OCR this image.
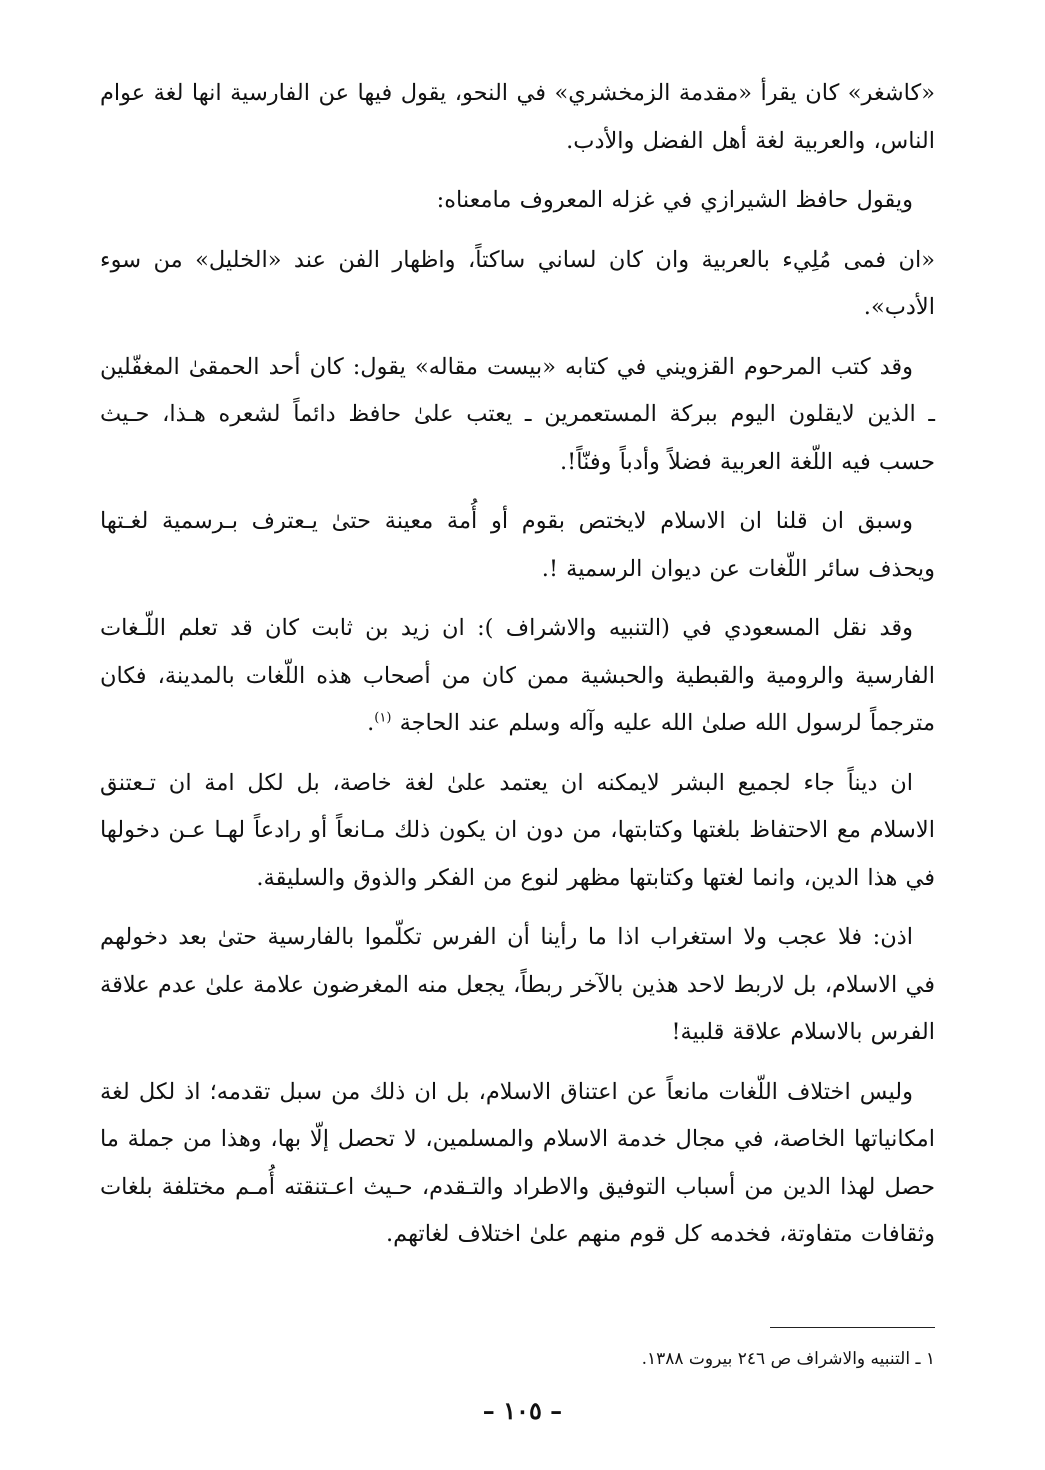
«كاشغر» كان يقرأ «مقدمة الزمخشري» في النحو، يقول فيها عن الفارسية انها لغة عوام الناس، والعربية لغة أهل الفضل والأدب.

ويقول حافظ الشيرازي في غزله المعروف مامعناه:

«ان فمى مُلِيء بالعربية وان كان لساني ساكتاً، واظهار الفن عند «الخليل» من سوء الأدب».

وقد كتب المرحوم القزويني في كتابه «بيست مقاله» يقول: كان أحد الحمقىٰ المغفّلين ـ الذين لايقلون اليوم ببركة المستعمرين ـ يعتب علىٰ حافظ دائماً لشعره هـذا، حـيث حسب فيه اللّغة العربية فضلاً وأدباً وفنّاً!.

وسبق ان قلنا ان الاسلام لايختص بقوم أو أُمة معينة حتىٰ يـعترف بـرسمية لغـتها ويحذف سائر اللّغات عن ديوان الرسمية !.

وقد نقل المسعودي في (التنبيه والاشراف ): ان زيد بن ثابت كان قد تعلم اللّـغات الفارسية والرومية والقبطية والحبشية ممن كان من أصحاب هذه اللّغات بالمدينة، فكان مترجماً لرسول الله صلىٰ الله عليه وآله وسلم عند الحاجة $^{(١)}$.

ان ديناً جاء لجميع البشر لايمكنه ان يعتمد علىٰ لغة خاصة، بل لكل امة ان تـعتنق الاسلام مع الاحتفاظ بلغتها وكتابتها، من دون ان يكون ذلك مـانعاً أو رادعاً لهـا عـن دخولها في هذا الدين، وانما لغتها وكتابتها مظهر لنوع من الفكر والذوق والسليقة.

اذن: فلا عجب ولا استغراب اذا ما رأينا أن الفرس تكلّموا بالفارسية حتىٰ بعد دخولهم في الاسلام، بل لاربط لاحد هذين بالآخر ربطاً، يجعل منه المغرضون علامة علىٰ عدم علاقة الفرس بالاسلام علاقة قلبية!

وليس اختلاف اللّغات مانعاً عن اعتناق الاسلام، بل ان ذلك من سبل تقدمه؛ اذ لكل لغة امكانياتها الخاصة، في مجال خدمة الاسلام والمسلمين، لا تحصل إلّا بها، وهذا من جملة ما حصل لهذا الدين من أسباب التوفيق والاطراد والتـقدم، حـيث اعـتنقته أُمـم مختلفة بلغات وثقافات متفاوتة، فخدمه كل قوم منهم علىٰ اختلاف لغاتهم.

١ ـ التنبيه والاشراف ص ٢٤٦ بيروت ١٣٨٨.
– ١٠٥ –
